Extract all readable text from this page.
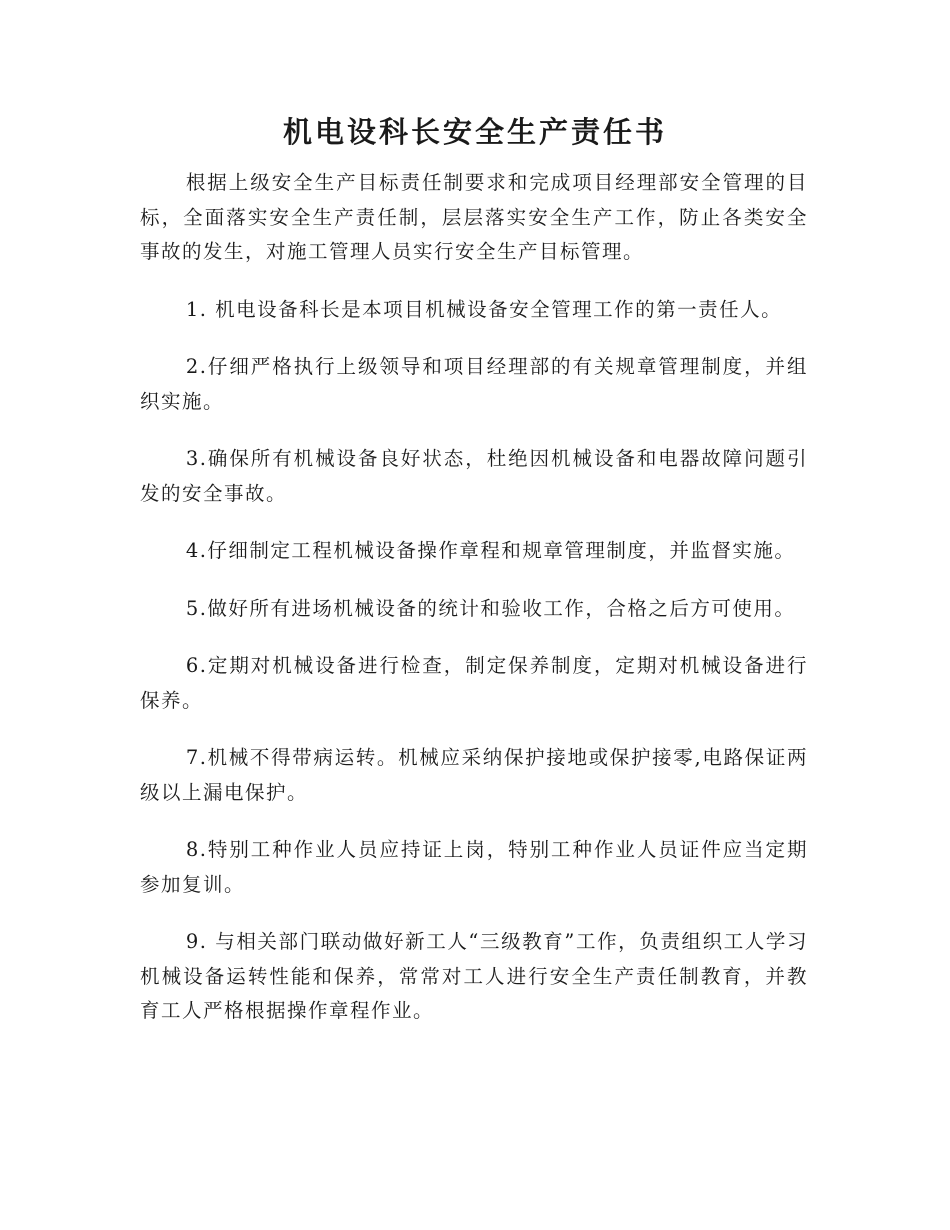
机电设科长安全生产责任书

根据上级安全生产目标责任制要求和完成项目经理部安全管理的目标，全面落实安全生产责任制，层层落实安全生产工作，防止各类安全事故的发生，对施工管理人员实行安全生产目标管理。

1. 机电设备科长是本项目机械设备安全管理工作的第一责任人。

2.仔细严格执行上级领导和项目经理部的有关规章管理制度，并组织实施。

3.确保所有机械设备良好状态，杜绝因机械设备和电器故障问题引发的安全事故。

4.仔细制定工程机械设备操作章程和规章管理制度，并监督实施。

5.做好所有进场机械设备的统计和验收工作，合格之后方可使用。

6.定期对机械设备进行检查，制定保养制度，定期对机械设备进行保养。

7.机械不得带病运转。机械应采纳保护接地或保护接零,电路保证两级以上漏电保护。

8.特别工种作业人员应持证上岗，特别工种作业人员证件应当定期参加复训。

9. 与相关部门联动做好新工人“三级教育”工作，负责组织工人学习机械设备运转性能和保养，常常对工人进行安全生产责任制教育，并教育工人严格根据操作章程作业。
